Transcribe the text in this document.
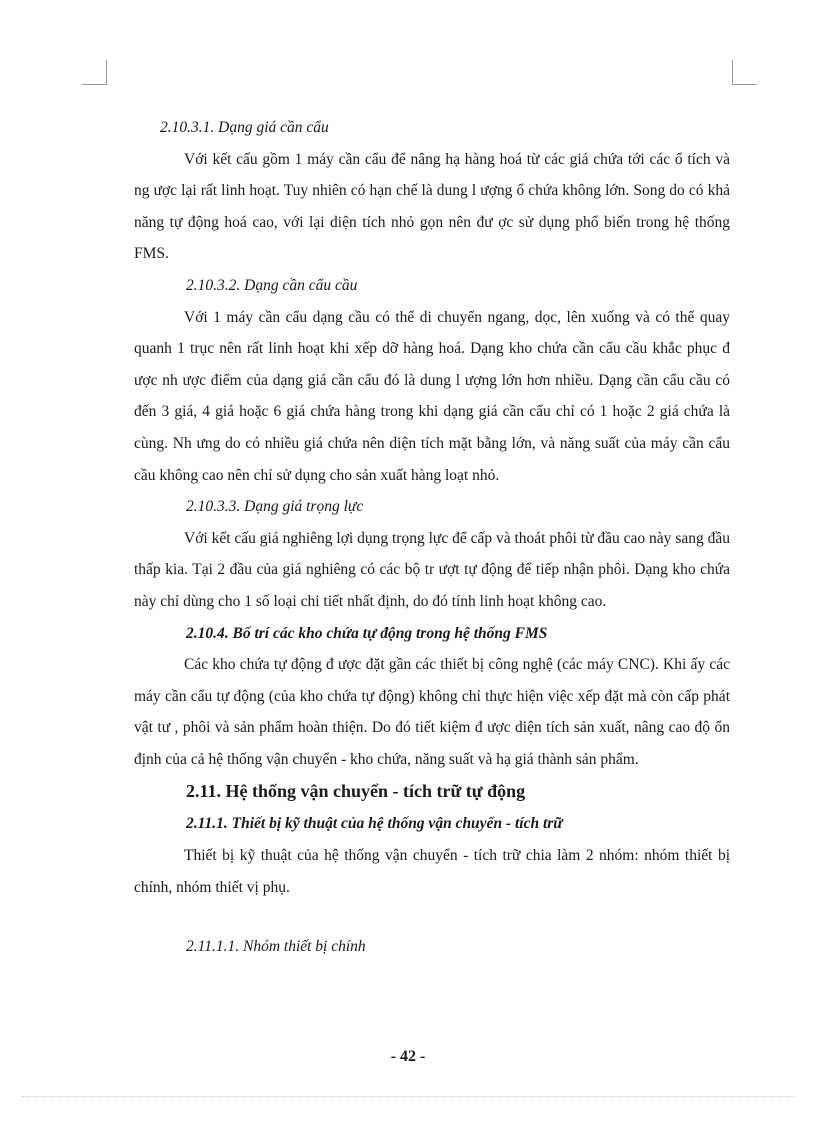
2.10.3.1. Dạng giá cần cẩu

Với kết cấu gồm 1 máy cần cẩu để nâng hạ hàng hoá từ các giá chứa tới các ổ tích và ng ược lại rất linh hoạt. Tuy nhiên có hạn chế là dung l ượng ổ chứa không lớn. Song do có khả năng tự động hoá cao, với lại diện tích nhỏ gọn nên đư ợc sử dụng phổ biến trong hệ thống FMS.

2.10.3.2. Dạng cần cẩu cầu

Với 1 máy cần cẩu dạng cầu có thể di chuyển ngang, dọc, lên xuống và có thể quay quanh 1 trục nên rất linh hoạt khi xếp dỡ hàng hoá. Dạng kho chứa cần cẩu cầu khắc phục đ ược nh ược điểm của dạng giá cần cẩu đó là dung l ượng lớn hơn nhiều. Dạng cần cẩu cầu có đến 3 giá, 4 giá hoặc 6 giá chứa hàng trong khi dạng giá cần cẩu chỉ có 1 hoặc 2 giá chứa là cùng. Nh ưng do có nhiều giá chứa nên diện tích mặt bằng lớn, và năng suất của máy cần cẩu cầu không cao nên chỉ sử dụng cho sản xuất hàng loạt nhỏ.

2.10.3.3. Dạng giá trọng lực

Với kết cấu giá nghiêng lợi dụng trọng lực để cấp và thoát phôi từ đầu cao này sang đầu thấp kia. Tại 2 đầu của giá nghiêng có các bộ tr ượt tự động để tiếp nhận phôi. Dạng kho chứa này chỉ dùng cho 1 số loại chi tiết nhất định, do đó tính linh hoạt không cao.

2.10.4. Bố trí các kho chứa tự động trong hệ thống FMS

Các kho chứa tự động đ ược đặt gần các thiết bị công nghệ (các máy CNC). Khi ấy các máy cần cẩu tự động (của kho chứa tự động) không chỉ thực hiện việc xếp đặt mà còn cấp phát vật tư , phôi và sản phẩm hoàn thiện. Do đó tiết kiệm đ ược diện tích sản xuất, nâng cao độ ổn định của cả hệ thống vận chuyển - kho chứa, năng suất và hạ giá thành sản phẩm.

2.11. Hệ thống vận chuyển - tích trữ tự động

2.11.1. Thiết bị kỹ thuật của hệ thống vận chuyển - tích trữ

Thiết bị kỹ thuật của hệ thống vận chuyển - tích trữ chia làm 2 nhóm: nhóm thiết bị chính, nhóm thiết vị phụ.

2.11.1.1. Nhóm thiết bị chính

- 42 -
